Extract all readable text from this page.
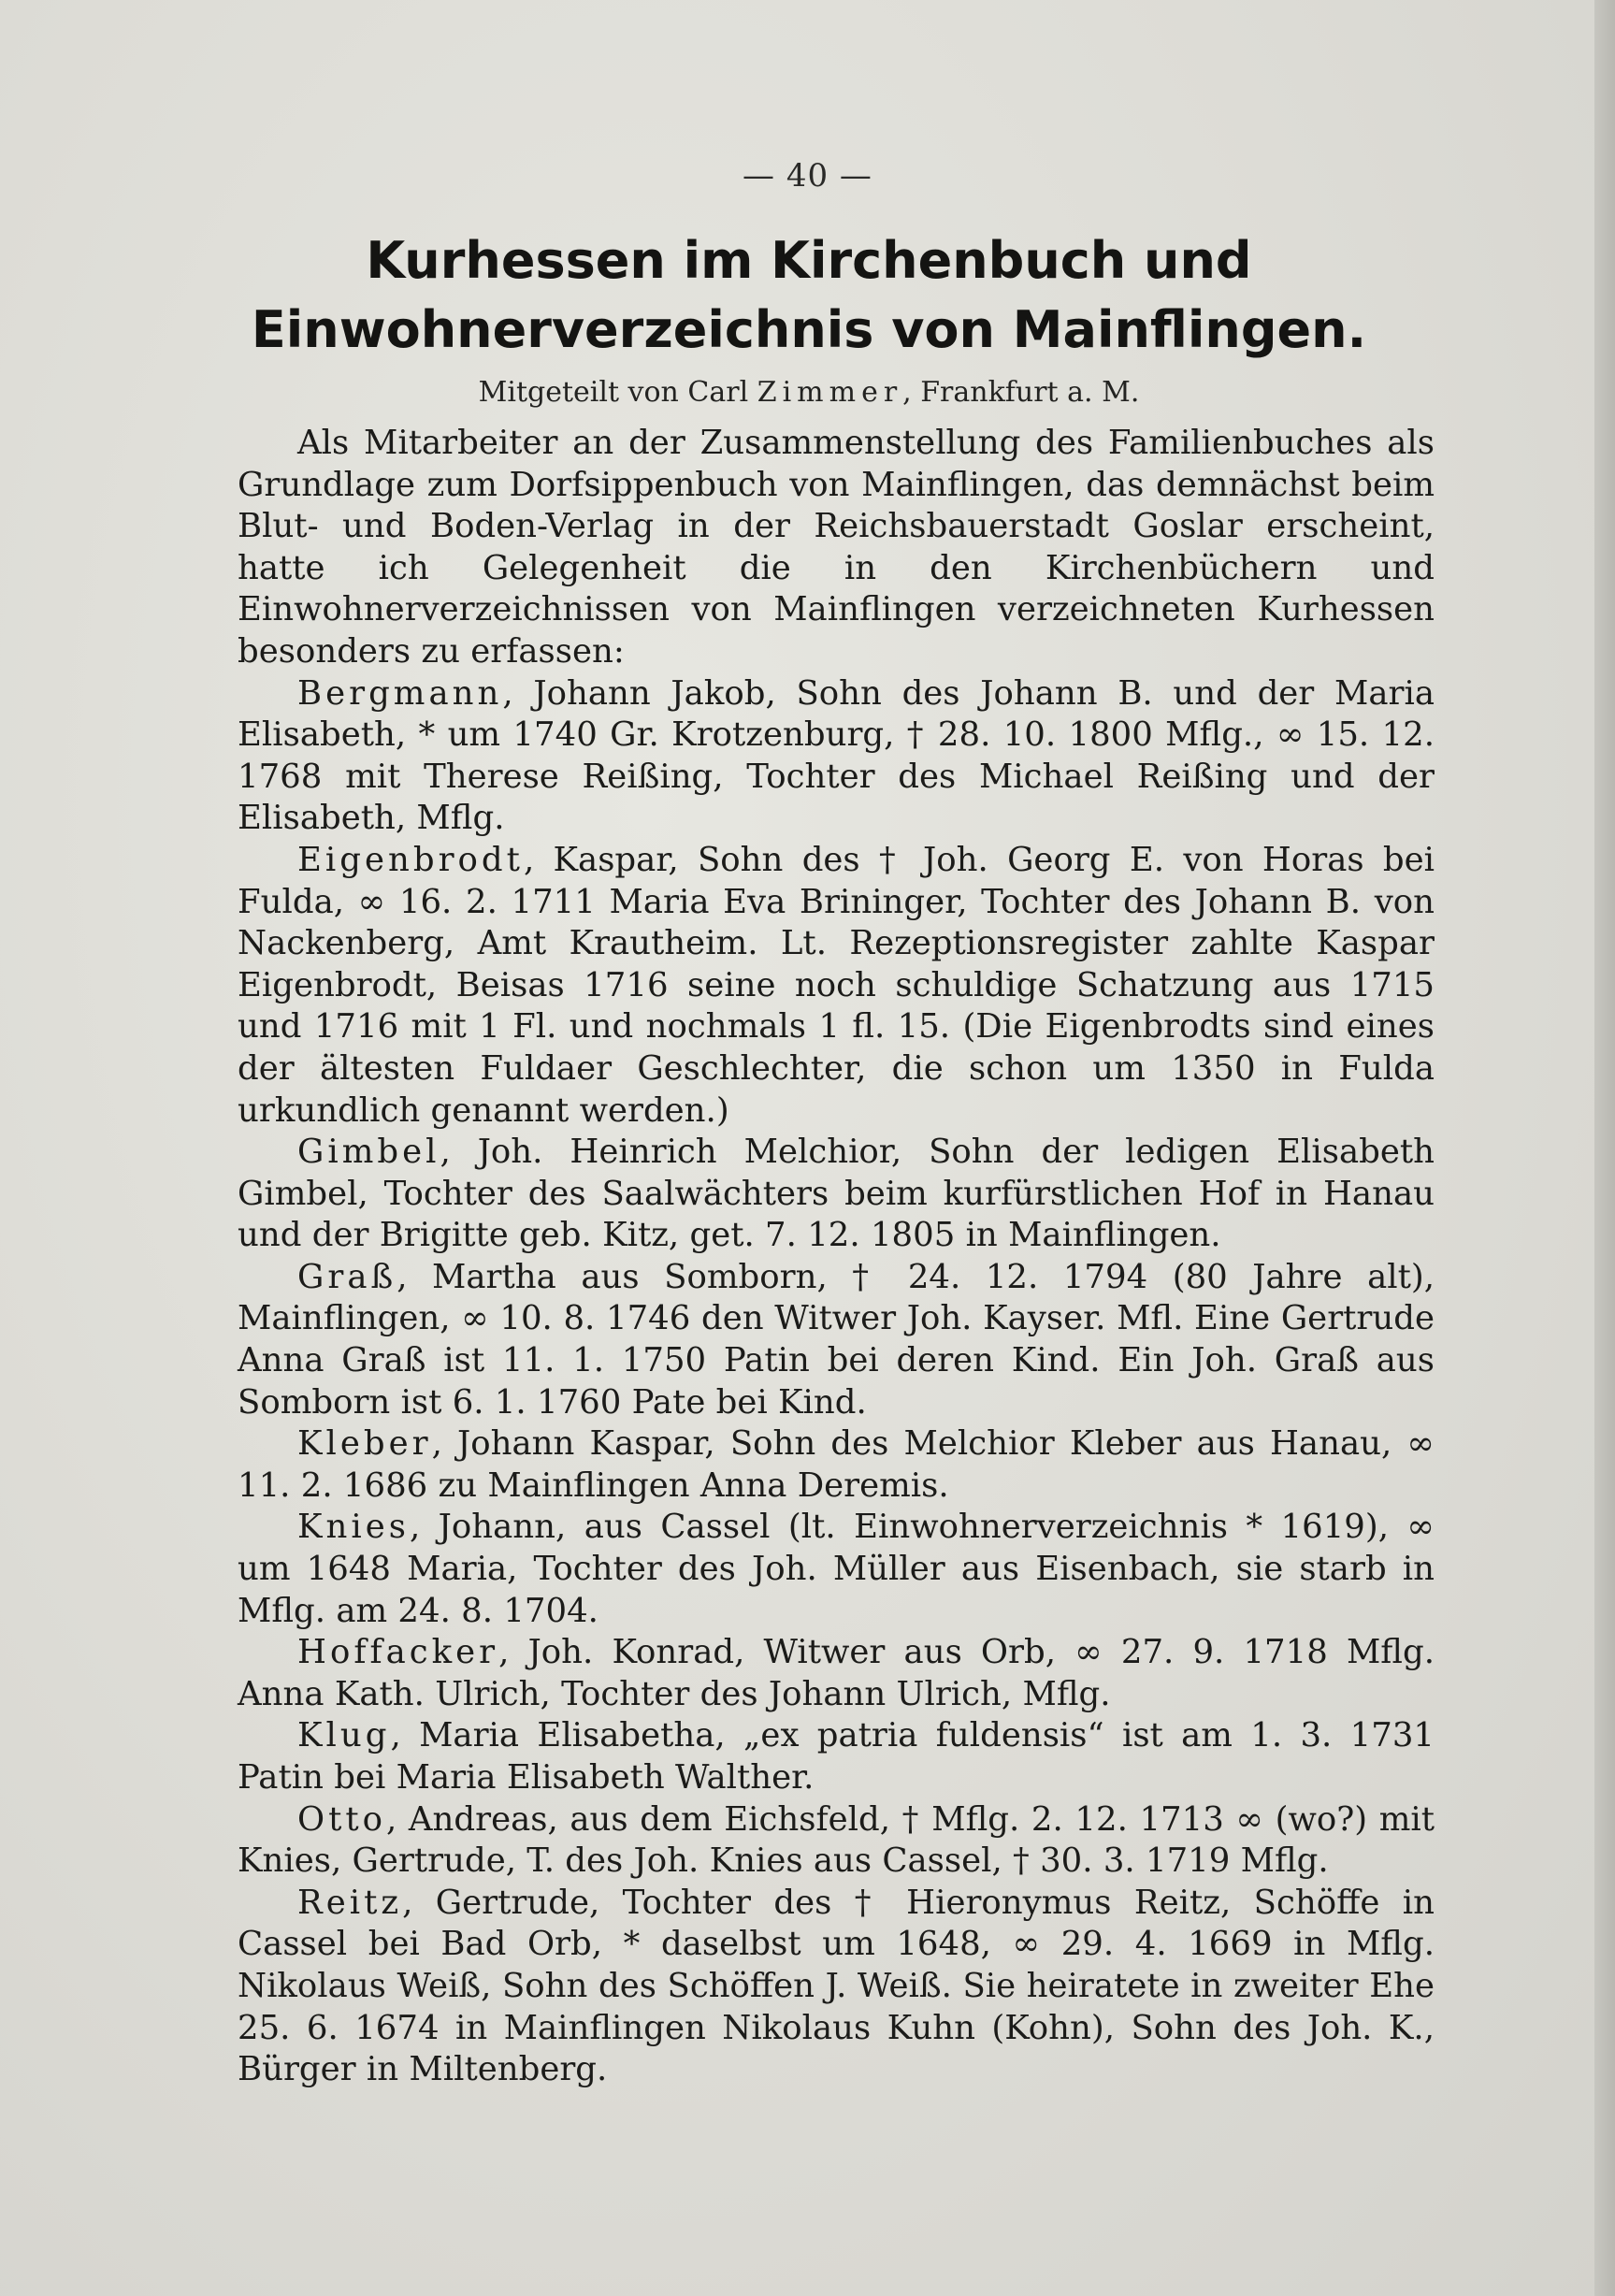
— 40 —
Kurhessen im Kirchenbuch und Einwohnerverzeichnis von Mainflingen.
Mitgeteilt von Carl Zimmer, Frankfurt a. M.

Als Mitarbeiter an der Zusammenstellung des Familienbuches als Grundlage zum Dorfsippenbuch von Mainflingen, das demnächst beim Blut- und Boden-Verlag in der Reichsbauerstadt Goslar erscheint, hatte ich Gelegenheit die in den Kirchenbüchern und Einwohnerverzeichnissen von Mainflingen verzeichneten Kurhessen besonders zu erfassen:

Bergmann, Johann Jakob, Sohn des Johann B. und der Maria Elisabeth, * um 1740 Gr. Krotzenburg, † 28. 10. 1800 Mflg., ∞ 15. 12. 1768 mit Therese Reißing, Tochter des Michael Reißing und der Elisabeth, Mflg.

Eigenbrodt, Kaspar, Sohn des † Joh. Georg E. von Horas bei Fulda, ∞ 16. 2. 1711 Maria Eva Brininger, Tochter des Johann B. von Nackenberg, Amt Krautheim. Lt. Rezeptionsregister zahlte Kaspar Eigenbrodt, Beisas 1716 seine noch schuldige Schatzung aus 1715 und 1716 mit 1 Fl. und nochmals 1 fl. 15. (Die Eigenbrodts sind eines der ältesten Fuldaer Geschlechter, die schon um 1350 in Fulda urkundlich genannt werden.)

Gimbel, Joh. Heinrich Melchior, Sohn der ledigen Elisabeth Gimbel, Tochter des Saalwächters beim kurfürstlichen Hof in Hanau und der Brigitte geb. Kitz, get. 7. 12. 1805 in Mainflingen.

Graß, Martha aus Somborn, † 24. 12. 1794 (80 Jahre alt), Mainflingen, ∞ 10. 8. 1746 den Witwer Joh. Kayser. Mfl. Eine Gertrude Anna Graß ist 11. 1. 1750 Patin bei deren Kind. Ein Joh. Graß aus Somborn ist 6. 1. 1760 Pate bei Kind.

Kleber, Johann Kaspar, Sohn des Melchior Kleber aus Hanau, ∞ 11. 2. 1686 zu Mainflingen Anna Deremis.

Knies, Johann, aus Cassel (lt. Einwohnerverzeichnis * 1619), ∞ um 1648 Maria, Tochter des Joh. Müller aus Eisenbach, sie starb in Mflg. am 24. 8. 1704.

Hoffacker, Joh. Konrad, Witwer aus Orb, ∞ 27. 9. 1718 Mflg. Anna Kath. Ulrich, Tochter des Johann Ulrich, Mflg.

Klug, Maria Elisabetha, „ex patria fuldensis“ ist am 1. 3. 1731 Patin bei Maria Elisabeth Walther.

Otto, Andreas, aus dem Eichsfeld, † Mflg. 2. 12. 1713 ∞ (wo?) mit Knies, Gertrude, T. des Joh. Knies aus Cassel, † 30. 3. 1719 Mflg.

Reitz, Gertrude, Tochter des † Hieronymus Reitz, Schöffe in Cassel bei Bad Orb, * daselbst um 1648, ∞ 29. 4. 1669 in Mflg. Nikolaus Weiß, Sohn des Schöffen J. Weiß. Sie heiratete in zweiter Ehe 25. 6. 1674 in Mainflingen Nikolaus Kuhn (Kohn), Sohn des Joh. K., Bürger in Miltenberg.
